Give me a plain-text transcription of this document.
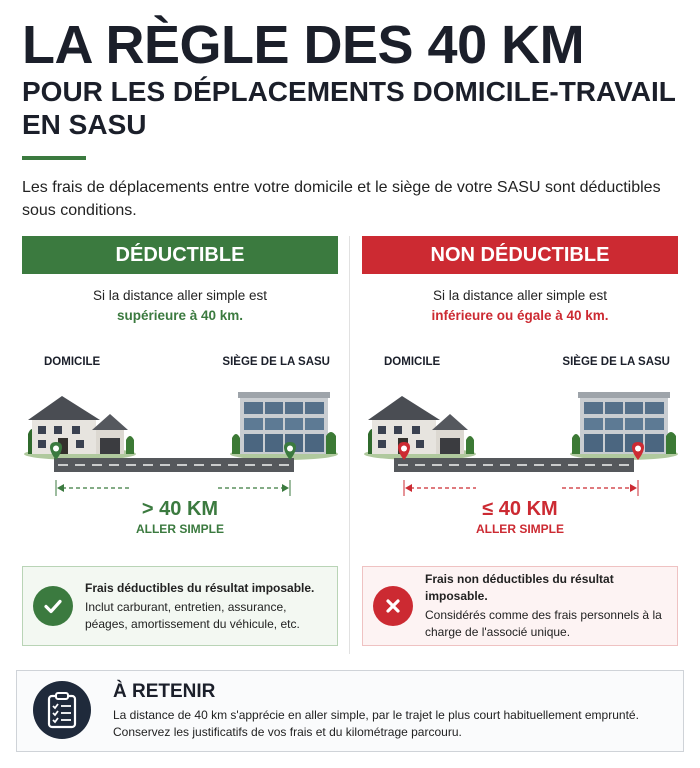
LA RÈGLE DES 40 KM
POUR LES DÉPLACEMENTS DOMICILE-TRAVAIL EN SASU
Les frais de déplacements entre votre domicile et le siège de votre SASU sont déductibles sous conditions.
DÉDUCTIBLE
Si la distance aller simple est
supérieure à 40 km.
DOMICILE	SIÈGE DE LA SASU
> 40 KM
ALLER SIMPLE
Frais déductibles du résultat imposable.
Inclut carburant, entretien, assurance, péages, amortissement du véhicule, etc.
NON DÉDUCTIBLE
Si la distance aller simple est
inférieure ou égale à 40 km.
DOMICILE	SIÈGE DE LA SASU
≤ 40 KM
ALLER SIMPLE
Frais non déductibles du résultat imposable.
Considérés comme des frais personnels à la charge de l'associé unique.
À RETENIR
La distance de 40 km s'apprécie en aller simple, par le trajet le plus court habituellement emprunté. Conservez les justificatifs de vos frais et du kilométrage parcouru.
